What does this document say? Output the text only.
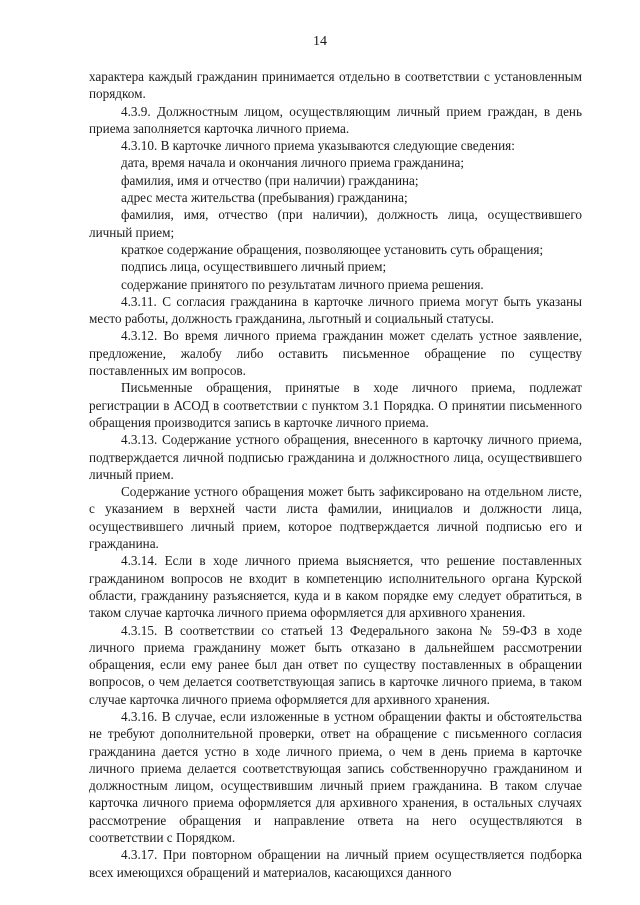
14

характера каждый гражданин принимается отдельно в соответствии с установленным порядком.

4.3.9. Должностным лицом, осуществляющим личный прием граждан, в день приема заполняется карточка личного приема.

4.3.10. В карточке личного приема указываются следующие сведения:

дата, время начала и окончания личного приема гражданина;

фамилия, имя и отчество (при наличии) гражданина;

адрес места жительства (пребывания) гражданина;

фамилия, имя, отчество (при наличии), должность лица, осуществившего личный прием;

краткое содержание обращения, позволяющее установить суть обращения;

подпись лица, осуществившего личный прием;

содержание принятого по результатам личного приема решения.

4.3.11. С согласия гражданина в карточке личного приема могут быть указаны место работы, должность гражданина, льготный и социальный статусы.

4.3.12. Во время личного приема гражданин может сделать устное заявление, предложение, жалобу либо оставить письменное обращение по существу поставленных им вопросов.

Письменные обращения, принятые в ходе личного приема, подлежат регистрации в АСОД в соответствии с пунктом 3.1 Порядка. О принятии письменного обращения производится запись в карточке личного приема.

4.3.13. Содержание устного обращения, внесенного в карточку личного приема, подтверждается личной подписью гражданина и должностного лица, осуществившего личный прием.

Содержание устного обращения может быть зафиксировано на отдельном листе, с указанием в верхней части листа фамилии, инициалов и должности лица, осуществившего личный прием, которое подтверждается личной подписью его и гражданина.

4.3.14. Если в ходе личного приема выясняется, что решение поставленных гражданином вопросов не входит в компетенцию исполнительного органа Курской области, гражданину разъясняется, куда и в каком порядке ему следует обратиться, в таком случае карточка личного приема оформляется для архивного хранения.

4.3.15. В соответствии со статьей 13 Федерального закона № 59-ФЗ в ходе личного приема гражданину может быть отказано в дальнейшем рассмотрении обращения, если ему ранее был дан ответ по существу поставленных в обращении вопросов, о чем делается соответствующая запись в карточке личного приема, в таком случае карточка личного приема оформляется для архивного хранения.

4.3.16. В случае, если изложенные в устном обращении факты и обстоятельства не требуют дополнительной проверки, ответ на обращение с письменного согласия гражданина дается устно в ходе личного приема, о чем в день приема в карточке личного приема делается соответствующая запись собственноручно гражданином и должностным лицом, осуществившим личный прием гражданина. В таком случае карточка личного приема оформляется для архивного хранения, в остальных случаях рассмотрение обращения и направление ответа на него осуществляются в соответствии с Порядком.

4.3.17. При повторном обращении на личный прием осуществляется подборка всех имеющихся обращений и материалов, касающихся данного
